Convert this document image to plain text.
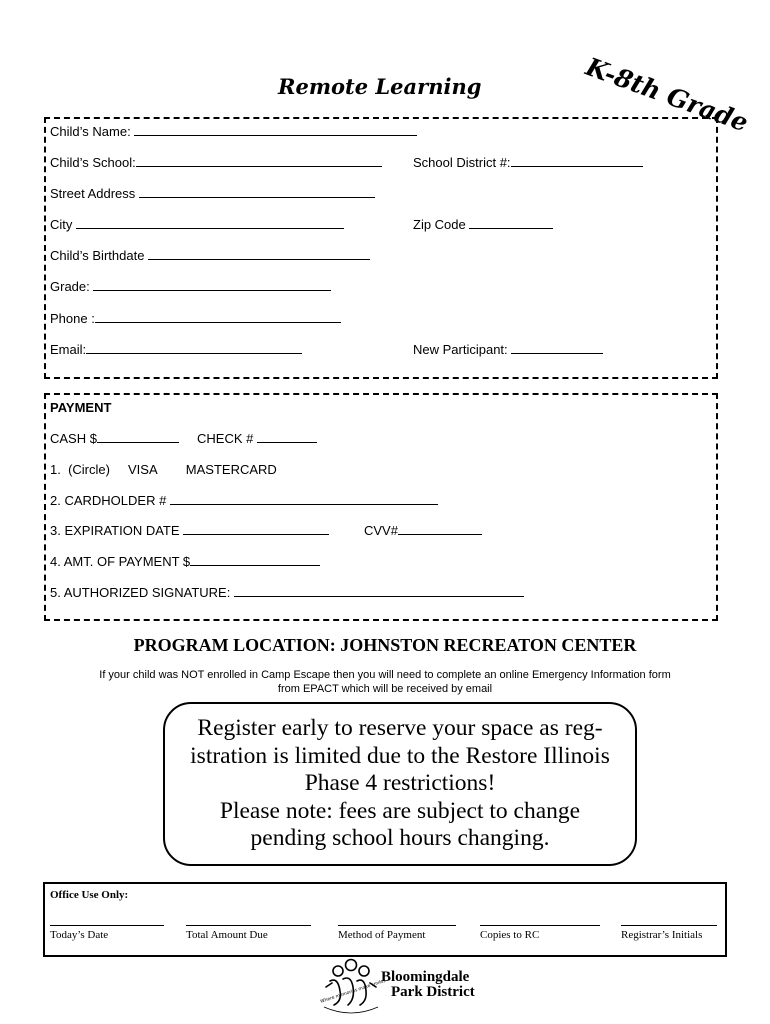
K-8th Grade
Remote Learning
Child’s Name:
Child’s School:	School District #:
Street Address
City	Zip Code
Child’s Birthdate
Grade:
Phone :
Email:	New Participant:
PAYMENT
CASH $	CHECK #
1.  (Circle)     VISA        MASTERCARD
2. CARDHOLDER #
3. EXPIRATION DATE	CVV#
4. AMT. OF PAYMENT $
5. AUTHORIZED SIGNATURE:
PROGRAM LOCATION: JOHNSTON RECREATON CENTER
If your child was NOT enrolled in Camp Escape then you will need to complete an online Emergency Information form
from EPACT which will be received by email
Register early to reserve your space as reg-
istration is limited due to the Restore Illinois
Phase 4 restrictions!
Please note: fees are subject to change
pending school hours changing.
Office Use Only:
Today’s Date	Total Amount Due	Method of Payment	Copies to RC	Registrar’s Initials
Bloomingdale
Park District
Where memories make smiles
